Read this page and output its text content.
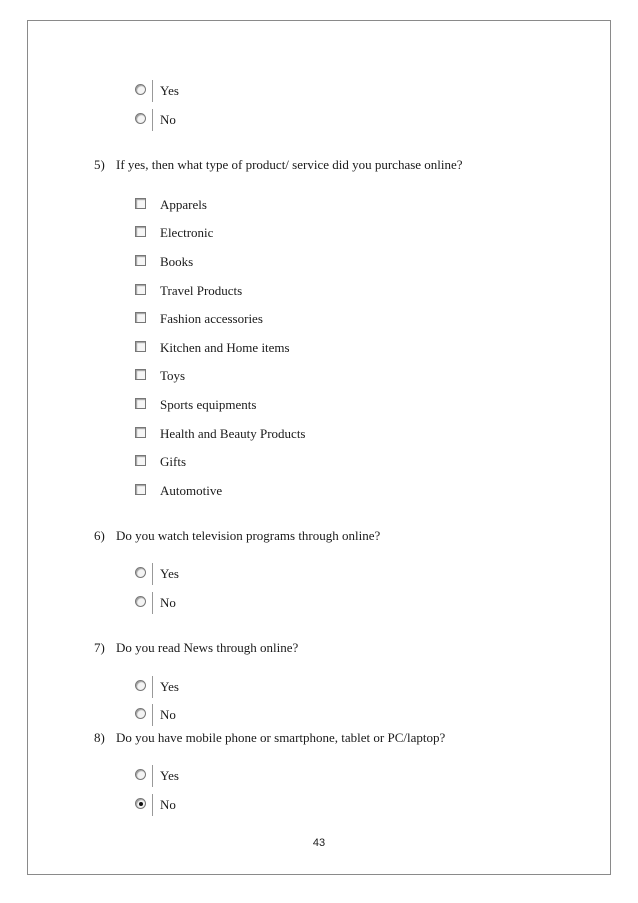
Yes
No
5) If yes, then what type of product/ service did you purchase online?
Apparels
Electronic
Books
Travel Products
Fashion accessories
Kitchen and Home items
Toys
Sports equipments
Health and Beauty Products
Gifts
Automotive
6) Do you watch television programs through online?
Yes
No
7) Do you read News through online?
Yes
No
8) Do you have mobile phone or smartphone, tablet or PC/laptop?
Yes
No
43
